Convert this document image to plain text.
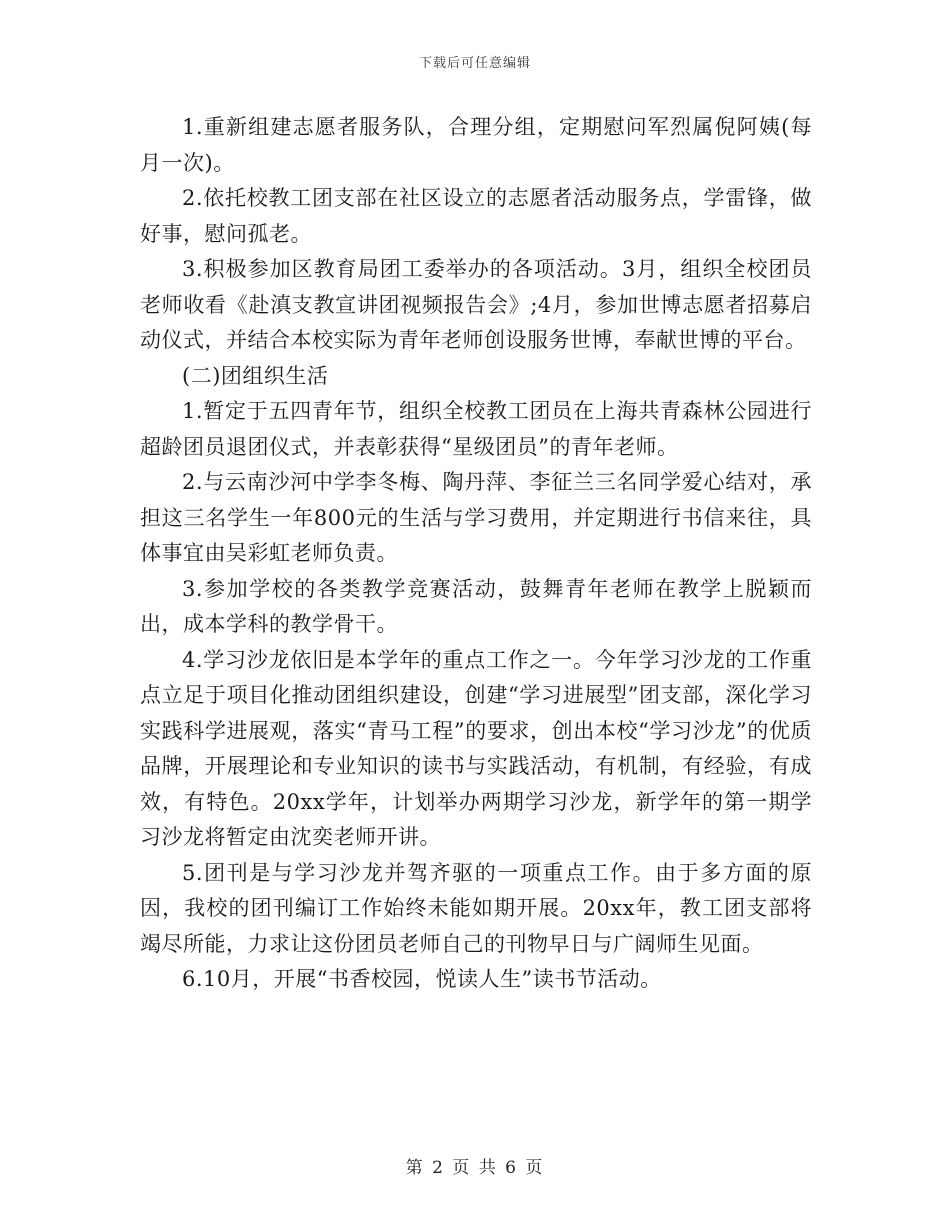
下载后可任意编辑

1.重新组建志愿者服务队，合理分组，定期慰问军烈属倪阿姨(每月一次)。

2.依托校教工团支部在社区设立的志愿者活动服务点，学雷锋，做好事，慰问孤老。

3.积极参加区教育局团工委举办的各项活动。3月，组织全校团员老师收看《赴滇支教宣讲团视频报告会》;4月，参加世博志愿者招募启动仪式，并结合本校实际为青年老师创设服务世博，奉献世博的平台。

(二)团组织生活

1.暂定于五四青年节，组织全校教工团员在上海共青森林公园进行超龄团员退团仪式，并表彰获得“星级团员”的青年老师。

2.与云南沙河中学李冬梅、陶丹萍、李征兰三名同学爱心结对，承担这三名学生一年800元的生活与学习费用，并定期进行书信来往，具体事宜由吴彩虹老师负责。

3.参加学校的各类教学竞赛活动，鼓舞青年老师在教学上脱颖而出，成本学科的教学骨干。

4.学习沙龙依旧是本学年的重点工作之一。今年学习沙龙的工作重点立足于项目化推动团组织建设，创建“学习进展型”团支部，深化学习实践科学进展观，落实“青马工程”的要求，创出本校“学习沙龙”的优质品牌，开展理论和专业知识的读书与实践活动，有机制，有经验，有成效，有特色。20xx学年，计划举办两期学习沙龙，新学年的第一期学习沙龙将暂定由沈奕老师开讲。

5.团刊是与学习沙龙并驾齐驱的一项重点工作。由于多方面的原因，我校的团刊编订工作始终未能如期开展。20xx年，教工团支部将竭尽所能，力求让这份团员老师自己的刊物早日与广阔师生见面。

6.10月，开展“书香校园，悦读人生”读书节活动。

第 2 页 共 6 页
